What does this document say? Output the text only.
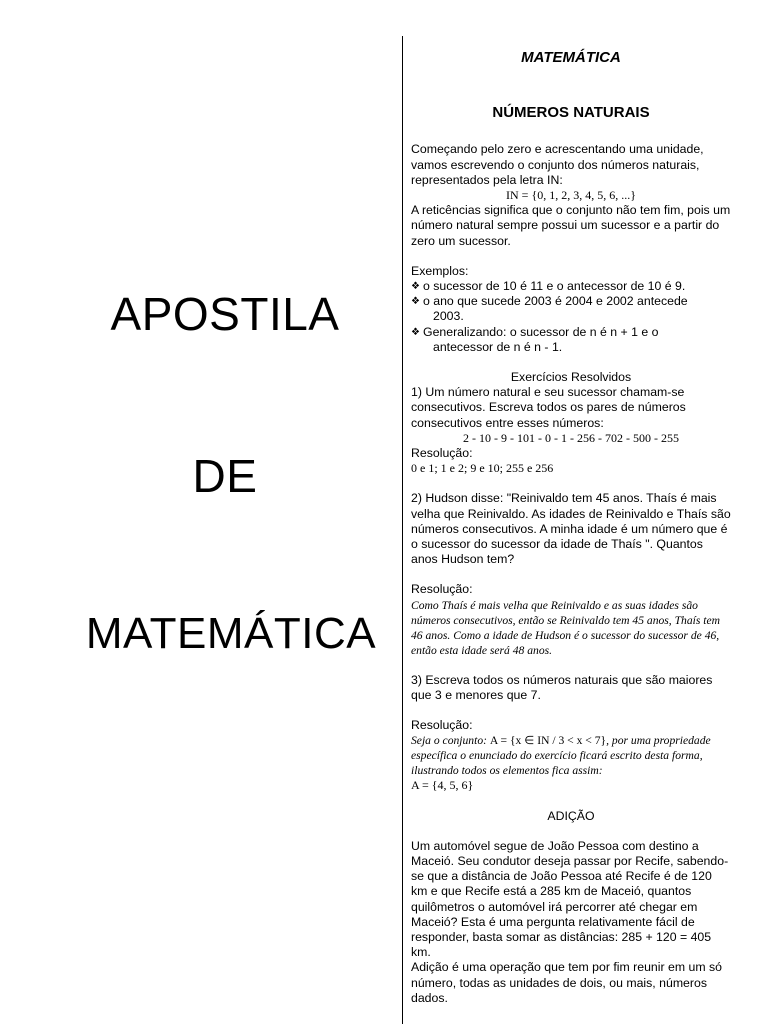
APOSTILA
DE
MATEMÁTICA
MATEMÁTICA
NÚMEROS NATURAIS

Começando pelo zero e acrescentando uma unidade, vamos escrevendo o conjunto dos números naturais, representados pela letra IN:

IN = {0, 1, 2, 3, 4, 5, 6, ...}

A reticências significa que o conjunto não tem fim, pois um número natural sempre possui um sucessor e a partir do zero um sucessor.

Exemplos:

❖ o sucessor de 10 é 11 e o antecessor de 10 é 9.
❖ o ano que sucede 2003 é 2004 e 2002 antecede

2003.

❖ Generalizando: o sucessor de n é n + 1 e o

antecessor de n é n - 1.

Exercícios Resolvidos

1) Um número natural e seu sucessor chamam-se consecutivos. Escreva todos os pares de números consecutivos entre esses números:

2 - 10 - 9 - 101 - 0 - 1 - 256 - 702 - 500 - 255

Resolução:

0 e 1; 1 e 2; 9 e 10; 255 e 256

2) Hudson disse: "Reinivaldo tem 45 anos. Thaís é mais velha que Reinivaldo. As idades de Reinivaldo e Thaís são números consecutivos. A minha idade é um número que é o sucessor do sucessor da idade de Thaís ". Quantos anos Hudson tem?

Resolução:

Como Thaís é mais velha que Reinivaldo e as suas idades são números consecutivos, então se Reinivaldo tem 45 anos, Thaís tem 46 anos. Como a idade de Hudson é o sucessor do sucessor de 46, então esta idade será 48 anos.

3) Escreva todos os números naturais que são maiores que 3 e menores que 7.

Resolução:

Seja o conjunto: A = {x ∈ IN / 3 < x < 7}, por uma propriedade específica o enunciado do exercício ficará escrito desta forma, ilustrando todos os elementos fica assim:

A = {4, 5, 6}

ADIÇÃO

Um automóvel segue de João Pessoa com destino a Maceió. Seu condutor deseja passar por Recife, sabendo-se que a distância de João Pessoa até Recife é de 120 km e que Recife está a 285 km de Maceió, quantos quilômetros o automóvel irá percorrer até chegar em Maceió? Esta é uma pergunta relativamente fácil de responder, basta somar as distâncias: 285 + 120 = 405 km.

Adição é uma operação que tem por fim reunir em um só número, todas as unidades de dois, ou mais, números dados.
